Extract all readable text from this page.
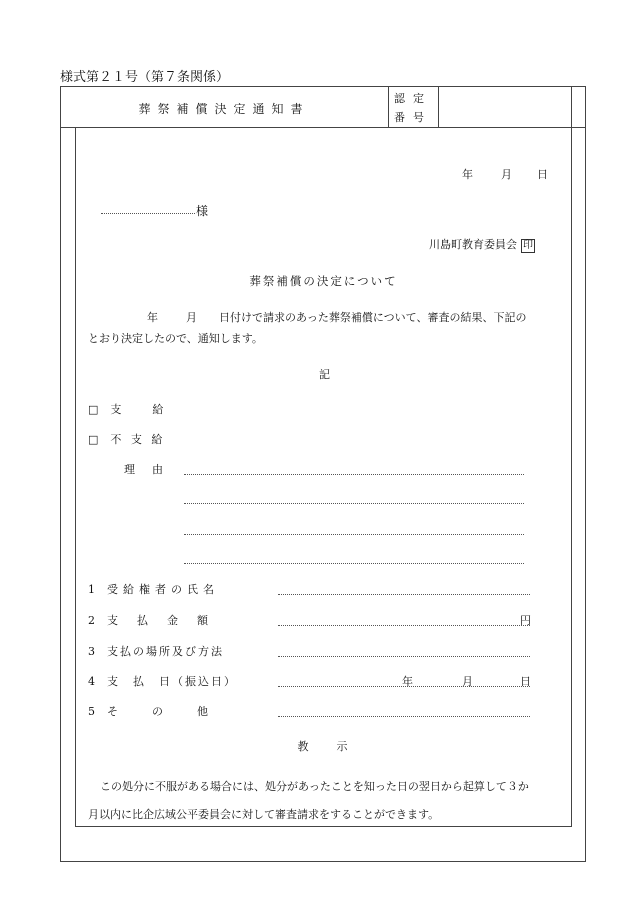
様式第２１号（第７条関係）
葬祭補償決定通知書
認定
番号
年	月 日
様
川島町教育委員会 印
葬祭補償の決定について
年	月 日付けで請求のあった葬祭補償について、審査の結果、下記の
とおり決定したので、通知します。
記
□ 支　　給
□ 不 支 給
理　由
1 受給権者の氏名
2 支　払　金　額	円
3 支払の場所及び方法
4 支　払　日（振込日）	年	月	日
5 そ　　の　　他
教　　示
この処分に不服がある場合には、処分があったことを知った日の翌日から起算して３か
月以内に比企広域公平委員会に対して審査請求をすることができます。
